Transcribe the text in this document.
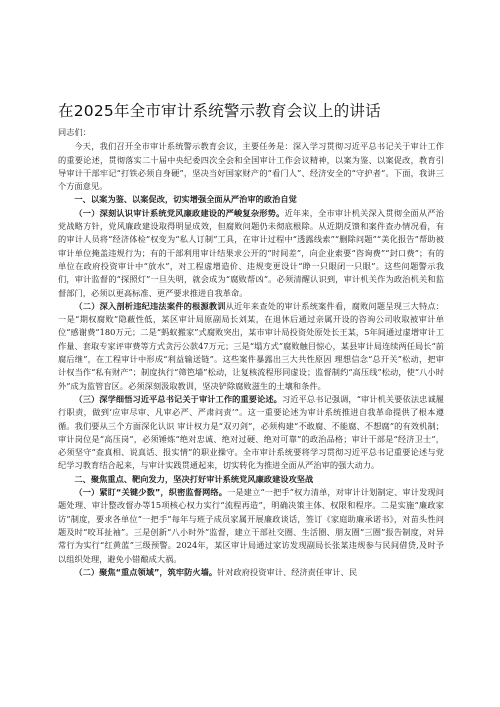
在2025年全市审计系统警示教育会议上的讲话

同志们：

今天，我们召开全市审计系统警示教育会议，主要任务是：深入学习贯彻习近平总书记关于审计工作的重要论述，贯彻落实二十届中央纪委四次全会和全国审计工作会议精神，以案为鉴、以案促改，教育引导审计干部牢记“打铁必须自身硬”，坚决当好国家财产的“看门人”、经济安全的“守护者”。下面，我讲三个方面意见。

一、以案为鉴、以案促改，切实增强全面从严治审的政治自觉

（一）深刻认识审计系统党风廉政建设的严峻复杂形势。近年来，全市审计机关深入贯彻全面从严治党战略方针，党风廉政建设取得明显成效，但腐败问题仍未彻底根除。从近期反馈和案件查办情况看，有的审计人员将“经济体检”权变为“私人订制”工具，在审计过程中“透露线索”“删除问题”“美化报告”帮助被审计单位掩盖违规行为；有的干部利用审计结果求公开的“时间差”，向企业索要“咨询费”“封口费”；有的单位在政府投资审计中“放水”，对工程虚增造价、违规变更设计“睁一只眼闭一只眼”。这些问题警示我们，审计监督的“探照灯”一旦失明，就会成为“腐败帮凶”。必须清醒认识到，审计机关作为政治机关和监督部门，必须以更高标准、更严要求推进自我革命。

（二）深入剖析违纪违法案件的根源教训从近年来查处的审计系统案件看，腐败问题呈现三大特点：一是“期权腐败”隐蔽性低，某区审计局原副局长刘某，在退休后通过亲属开设的咨询公司收取被审计单位“感谢费”180万元；二是“蚂蚁搬家”式腐败突出，某市审计局投资处原处长王某，5年间通过虚增审计工作量、套取专家评审费等方式贪污公款47万元；三是“塌方式”腐败触目惊心，某县审计局连续两任局长“前腐后继”，在工程审计中形成“利益输送链”。这些案件暴露出三大共性原因 理想信念“总开关”松动，把审计权当作“私有财产”；制度执行“筛笆墙”松动，让复核流程形同虚设；监督制约“高压线”松动，使“八小时外”成为监管盲区。必须深刻汲取教训，坚决铲除腐败滋生的土壤和条件。

（三）深学细悟习近平总书记关于审计工作的重要论述。习近平总书记强调，“审计机关要依法忠诚履行职责，做到‘应审尽审、凡审必严、严肃问责’”。这一重要论述为审计系统推进自我革命提供了根本遵循。我们要从三个方面深化认识 审计权力是“双刃剑”，必须构建“不敢腐、不能腐、不想腐”的有效机制；审计岗位是“高压岗”，必须锤炼“绝对忠诚、绝对过硬、绝对可靠”的政治品格；审计干部是“经济卫士”，必须坚守“查真相、说真话、报实情”的职业操守。全市审计系统要将学习贯彻习近平总书记重要论述与党纪学习教育结合起来，与审计实践贯通起来，切实转化为推进全面从严治审的强大动力。

二、聚焦重点、靶向发力，坚决打好审计系统党风廉政建设攻坚战

（一）紧盯“关键少数”，织密监督网络。一是建立“一把手”权力清单，对审计计划制定、审计发现问题处理、审计整改督办等15项核心权力实行“流程再造”，明确决策主体、权限和程序。二是实施“廉政家访”制度，要求各单位“一把手”每年与班子成员家属开展廉政谈话，签订《家庭助廉承诺书》，对苗头性问题及时“咬耳扯袖”。三是创新“八小时外”监督，建立干部社交圈、生活圈、朋友圈“三圈”报告制度，对异常行为实行“红黄蓝”三级预警。2024年，某区审计局通过家访发现副局长张某违规参与民间借贷,及时予以组织处理，避免小错酿成大祸。

（二）聚焦“重点领域”，筑牢防火墙。针对政府投资审计、经济责任审计、民
